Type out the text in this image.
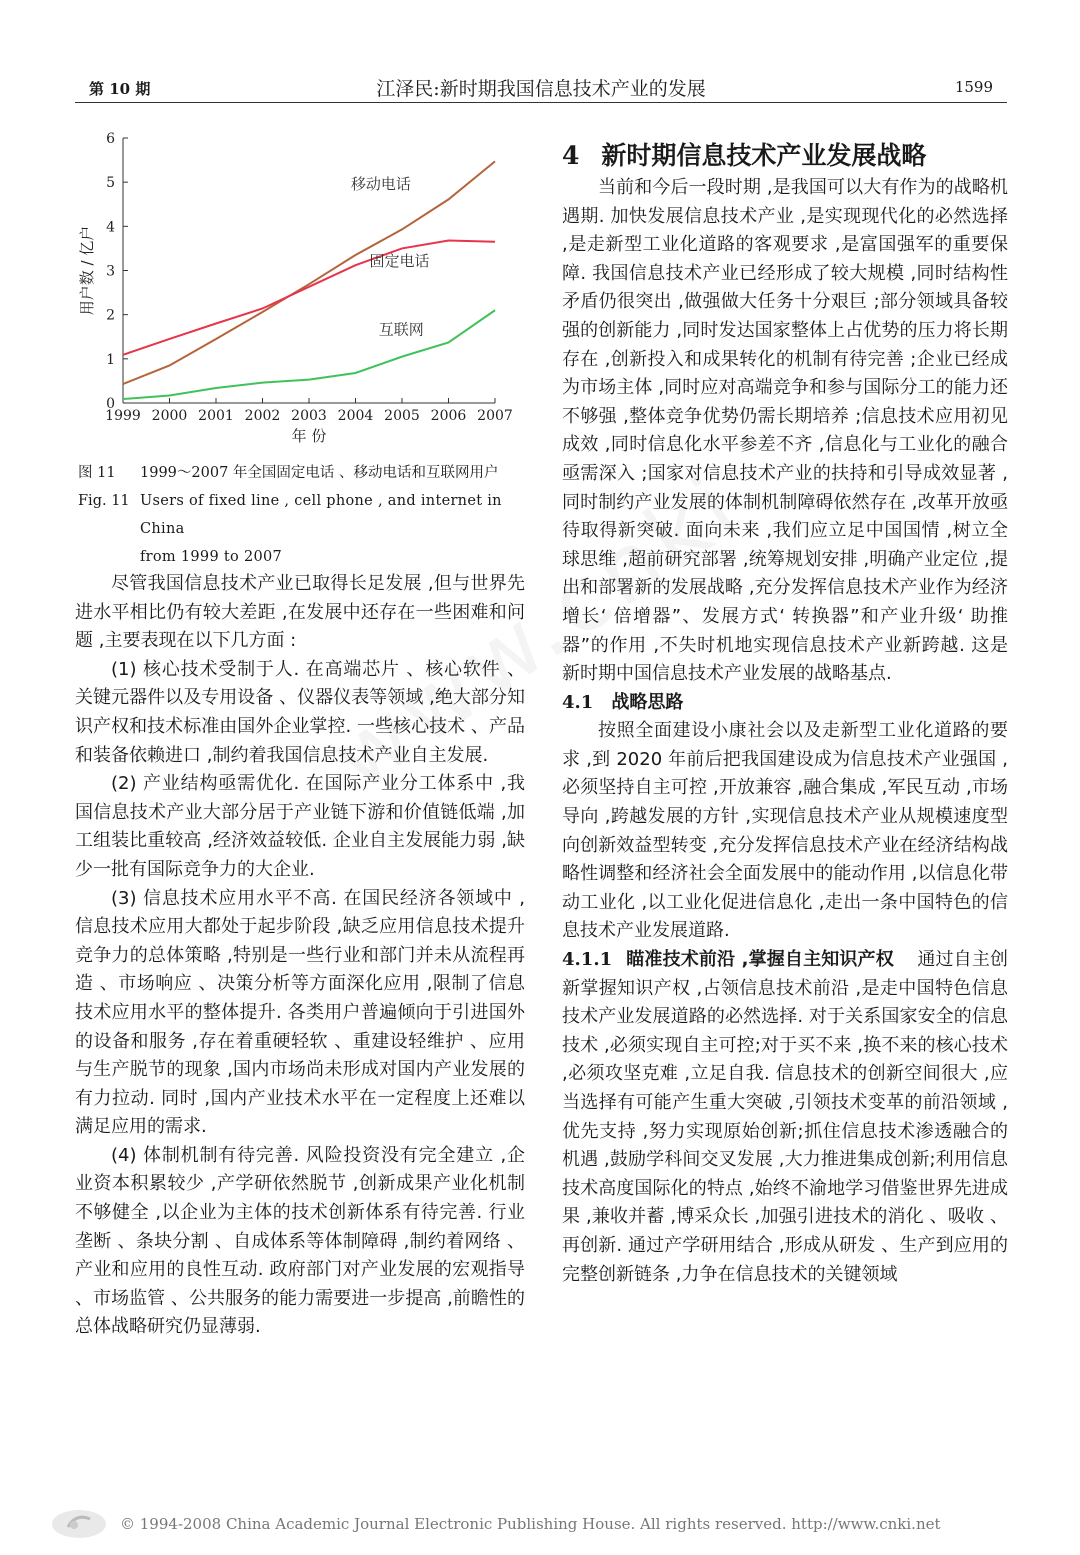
第 10 期	江泽民:新时期我国信息技术产业的发展	1599
0
1
2
3
4
5
6
1999 2000 2001 2002 2003 2004 2005 2006 2007
年 份
用户数 / 亿户
移动电话
固定电话
互联网
图 11	1999～2007 年全国固定电话 、移动电话和互联网用户
Fig. 11 Users of fixed line , cell phone , and internet in China
from 1999 to 2007

尽管我国信息技术产业已取得长足发展 ,但与世界先进水平相比仍有较大差距 ,在发展中还存在一些困难和问题 ,主要表现在以下几方面 :

(1) 核心技术受制于人. 在高端芯片 、核心软件 、关键元器件以及专用设备 、仪器仪表等领域 ,绝大部分知识产权和技术标准由国外企业掌控. 一些核心技术 、产品和装备依赖进口 ,制约着我国信息技术产业自主发展.

(2) 产业结构亟需优化. 在国际产业分工体系中 ,我国信息技术产业大部分居于产业链下游和价值链低端 ,加工组装比重较高 ,经济效益较低. 企业自主发展能力弱 ,缺少一批有国际竞争力的大企业.

(3) 信息技术应用水平不高. 在国民经济各领域中 ,信息技术应用大都处于起步阶段 ,缺乏应用信息技术提升竞争力的总体策略 ,特别是一些行业和部门并未从流程再造 、市场响应 、决策分析等方面深化应用 ,限制了信息技术应用水平的整体提升. 各类用户普遍倾向于引进国外的设备和服务 ,存在着重硬轻软 、重建设轻维护 、应用与生产脱节的现象 ,国内市场尚未形成对国内产业发展的有力拉动. 同时 ,国内产业技术水平在一定程度上还难以满足应用的需求.

(4) 体制机制有待完善. 风险投资没有完全建立 ,企业资本积累较少 ,产学研依然脱节 ,创新成果产业化机制不够健全 ,以企业为主体的技术创新体系有待完善. 行业垄断 、条块分割 、自成体系等体制障碍 ,制约着网络 、产业和应用的良性互动. 政府部门对产业发展的宏观指导 、市场监管 、公共服务的能力需要进一步提高 ,前瞻性的总体战略研究仍显薄弱.

4 新时期信息技术产业发展战略

当前和今后一段时期 ,是我国可以大有作为的战略机遇期. 加快发展信息技术产业 ,是实现现代化的必然选择 ,是走新型工业化道路的客观要求 ,是富国强军的重要保障. 我国信息技术产业已经形成了较大规模 ,同时结构性矛盾仍很突出 ,做强做大任务十分艰巨 ;部分领域具备较强的创新能力 ,同时发达国家整体上占优势的压力将长期存在 ,创新投入和成果转化的机制有待完善 ;企业已经成为市场主体 ,同时应对高端竞争和参与国际分工的能力还不够强 ,整体竞争优势仍需长期培养 ;信息技术应用初见成效 ,同时信息化水平参差不齐 ,信息化与工业化的融合亟需深入 ;国家对信息技术产业的扶持和引导成效显著 ,同时制约产业发展的体制机制障碍依然存在 ,改革开放亟待取得新突破. 面向未来 ,我们应立足中国国情 ,树立全球思维 ,超前研究部署 ,统筹规划安排 ,明确产业定位 ,提出和部署新的发展战略 ,充分发挥信息技术产业作为经济增长‘ 倍增器”、发展方式‘ 转换器”和产业升级‘ 助推器”的作用 ,不失时机地实现信息技术产业新跨越. 这是新时期中国信息技术产业发展的战略基点.

4.1 战略思路

按照全面建设小康社会以及走新型工业化道路的要求 ,到 2020 年前后把我国建设成为信息技术产业强国 ,必须坚持自主可控 ,开放兼容 ,融合集成 ,军民互动 ,市场导向 ,跨越发展的方针 ,实现信息技术产业从规模速度型向创新效益型转变 ,充分发挥信息技术产业在经济结构战略性调整和经济社会全面发展中的能动作用 ,以信息化带动工业化 ,以工业化促进信息化 ,走出一条中国特色的信息技术产业发展道路.

4.1.1 瞄准技术前沿 ,掌握自主知识产权 通过自主创新掌握知识产权 ,占领信息技术前沿 ,是走中国特色信息技术产业发展道路的必然选择. 对于关系国家安全的信息技术 ,必须实现自主可控;对于买不来 ,换不来的核心技术 ,必须攻坚克难 ,立足自我. 信息技术的创新空间很大 ,应当选择有可能产生重大突破 ,引领技术变革的前沿领域 ,优先支持 ,努力实现原始创新;抓住信息技术渗透融合的机遇 ,鼓励学科间交叉发展 ,大力推进集成创新;利用信息技术高度国际化的特点 ,始终不渝地学习借鉴世界先进成果 ,兼收并蓄 ,博采众长 ,加强引进技术的消化 、吸收 、再创新. 通过产学研用结合 ,形成从研发 、生产到应用的完整创新链条 ,力争在信息技术的关键领域

© 1994-2008 China Academic Journal Electronic Publishing House. All rights reserved. http://www.cnki.net
